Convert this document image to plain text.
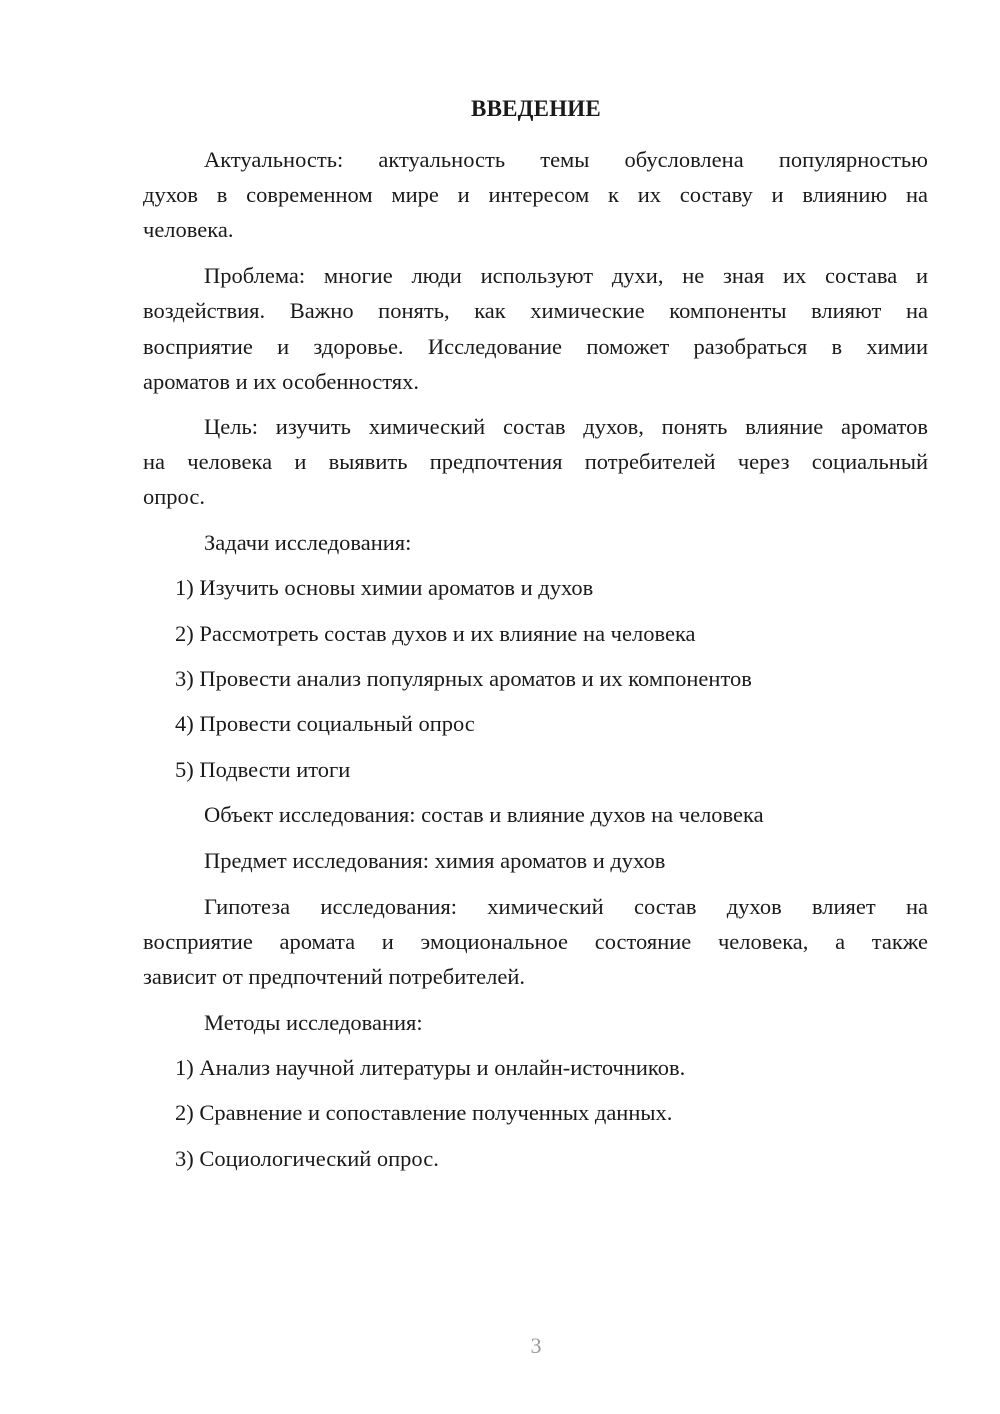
ВВЕДЕНИЕ
Актуальность: актуальность темы обусловлена популярностью
духов в современном мире и интересом к их составу и влиянию на
человека.
Проблема: многие люди используют духи, не зная их состава и
воздействия. Важно понять, как химические компоненты влияют на
восприятие и здоровье. Исследование поможет разобраться в химии
ароматов и их особенностях.
Цель: изучить химический состав духов, понять влияние ароматов
на человека и выявить предпочтения потребителей через социальный
опрос.
Задачи исследования:
1) Изучить основы химии ароматов и духов
2) Рассмотреть состав духов и их влияние на человека
3) Провести анализ популярных ароматов и их компонентов
4) Провести социальный опрос
5) Подвести итоги
Объект исследования: состав и влияние духов на человека
Предмет исследования: химия ароматов и духов
Гипотеза исследования: химический состав духов влияет на
восприятие аромата и эмоциональное состояние человека, а также
зависит от предпочтений потребителей.
Методы исследования:
1) Анализ научной литературы и онлайн-источников.
2) Сравнение и сопоставление полученных данных.
3) Социологический опрос.
3
